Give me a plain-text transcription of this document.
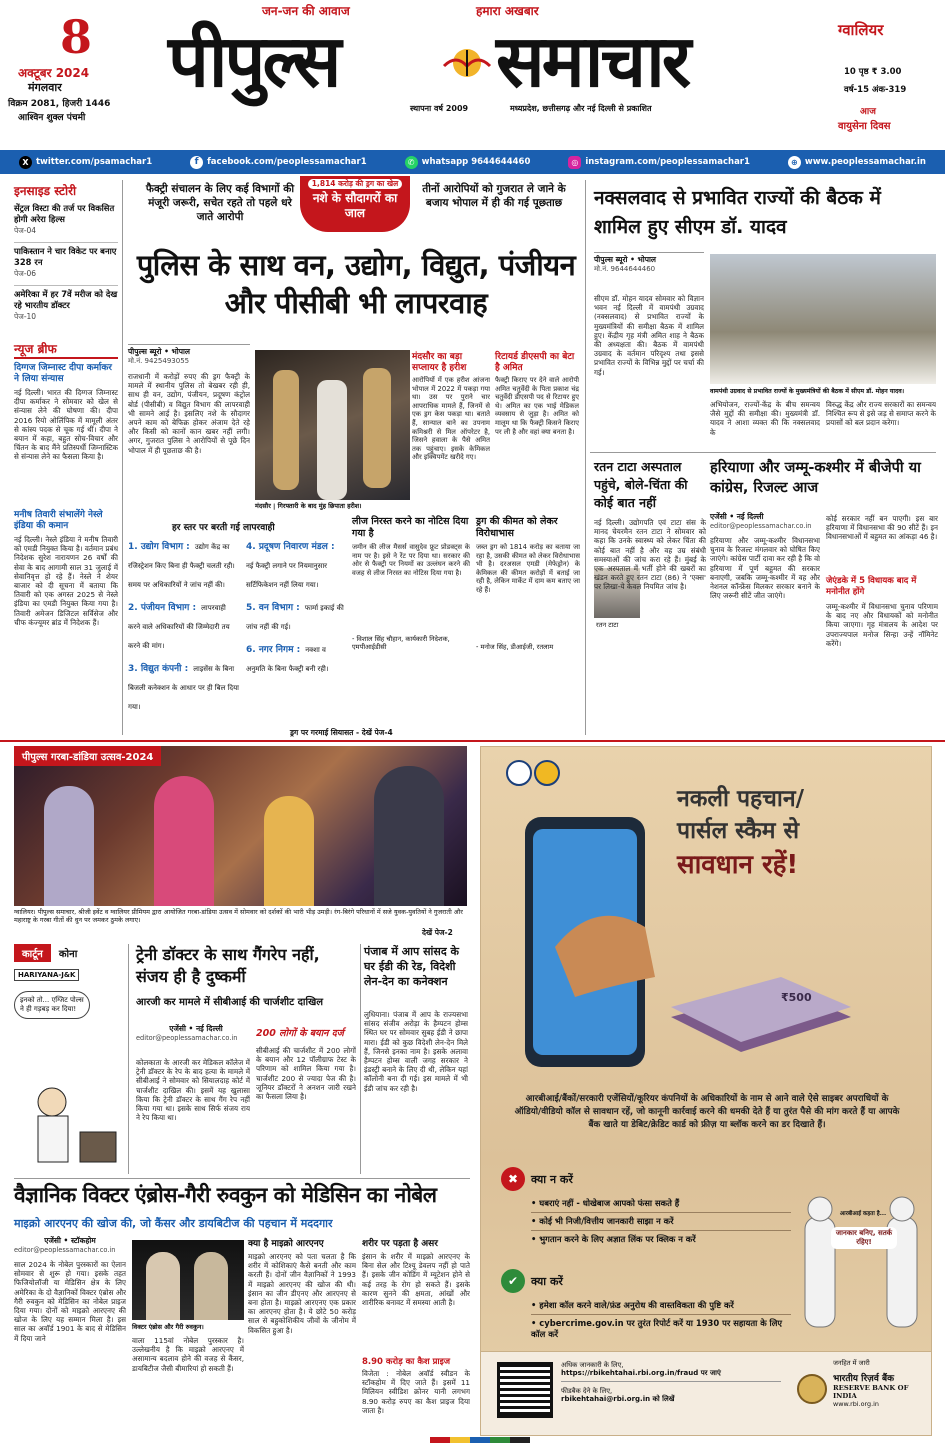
8
अक्टूबर 2024
मंगलवार
विक्रम 2081, हिजरी 1446
आश्विन शुक्ल पंचमी
जन-जन की आवाज	हमारा अखबार
पीपुल्स समाचार
स्थापना वर्ष 2009	मध्यप्रदेश, छत्तीसगढ़ और नई दिल्ली से प्रकाशित
ग्वालियर
10 पृष्ठ ₹ 3.00
वर्ष-15 अंक-319
आज
वायुसेना दिवस
X twitter.com/psamachar1	f	facebook.com/peoplessamachar1	✆ whatsapp 9644644460	◎ instagram.com/peoplessamachar1	⊕ www.peoplessamachar.in
इनसाइड स्टोरी
सेंट्रल विस्टा की तर्ज पर विकसित होगी अरेरा हिल्स
पेज-04
पाकिस्तान ने चार विकेट पर बनाए 328 रन
पेज-06
अमेरिका में हर 7वें मरीज को देख रहे भारतीय डॉक्टर
पेज-10
न्यूज ब्रीफ
दिग्गज जिम्नास्ट दीपा कर्माकर ने लिया संन्यास
नई दिल्ली। भारत की दिग्गज जिम्नास्ट दीपा कर्माकर ने सोमवार को खेल से संन्यास लेने की घोषणा की। दीपा 2016 रियो ओलिंपिक में मामूली अंतर से कांस्य पदक से चूक गई थीं। दीपा ने बयान में कहा, बहुत सोच-विचार और चिंतन के बाद मैंने प्रतिस्पर्धी जिम्नास्टिक से संन्यास लेने का फैसला किया है।
मनीष तिवारी संभालेंगे नेस्ले इंडिया की कमान
नई दिल्ली। नेस्ले इंडिया ने मनीष तिवारी को एमडी नियुक्त किया है। वर्तमान प्रबंध निदेशक सुरेश नारायणन 26 वर्षों की सेवा के बाद आगामी साल 31 जुलाई में सेवानिवृत्त हो रहे हैं। नेस्ले ने शेयर बाजार को दी सूचना में बताया कि तिवारी को एक अगस्त 2025 से नेस्ले इंडिया का एमडी नियुक्त किया गया है। तिवारी अमेजन डिजिटल सर्विसेज और चीफ कंज्यूमर ब्रांड में निदेशक हैं।
फैक्ट्री संचालन के लिए कई विभागों की मंजूरी जरूरी, सचेत रहते तो पहले धरे जाते आरोपी
1,814 करोड़ की ड्रग का खेल
नशे के सौदागरों का जाल
तीनों आरोपियों को गुजरात ले जाने के बजाय भोपाल में ही की गई पूछताछ
पुलिस के साथ वन, उद्योग, विद्युत, पंजीयन और पीसीबी भी लापरवाह
पीपुल्स ब्यूरो • भोपाल
मो.नं. 9425493055
राजधानी में करोड़ों रुपए की ड्रग फैक्ट्री के मामले में स्थानीय पुलिस तो बेखबर रही ही, साथ ही वन, उद्योग, पंजीयन, प्रदूषण कंट्रोल बोर्ड (पीसीबी) व विद्युत विभाग की लापरवाही भी सामने आई है। इसलिए नशे के सौदागर अपने काम को बेफिक्र होकर अंजाम देते रहे और किसी को कानों कान खबर नहीं लगी। अगर, गुजरात पुलिस ने आरोपियों से पूछे दिन भोपाल में ही पूछताछ की है।
मंदसौर | गिरफ्तारी के बाद मुंह छिपाता हरीश।
मंदसौर का बड़ा सप्लायर है हरीश
आरोपियों में एक हरीश आंजना भोपाल में 2022 में पकड़ा गया था। उस पर पुराने चार आपराधिक मामले हैं, जिनमें से एक ड्रग केस पकड़ा था। बताते हैं, सान्याल बाने का उपनाम कमिश्नरी से मिल ऑपरेटर है, जिसने हवाला के पैसे अमित तक पहुंचाए। इसके केमिकल और इक्विपमेंट खरीदे गए।
रिटायर्ड डीएसपी का बेटा है अमित
फैक्ट्री किराए पर देने वाले आरोपी अमित चतुर्वेदी के पिता प्रकाश चंद्र चतुर्वेदी डीएसपी पद से रिटायर हुए थे। अमित का एक भाई मेडिकल व्यवसाय से जुड़ा है। अमित को मालूम था कि फैक्ट्री किसने किराए पर ली है और वहां क्या बनता है।
हर स्तर पर बरती गई लापरवाही
1. उद्योग विभाग : उद्योग केंद्र का रजिस्ट्रेशन किए बिना ही फैक्ट्री चलती रही। समय पर अधिकारियों ने जांच नहीं की।
2. पंजीयन विभाग : लापरवाही करने वाले अधिकारियों की जिम्मेदारी तय करने की मांग।
3. विद्युत कंपनी : लाइसेंस के बिना बिजली कनेक्शन के आधार पर ही बिल दिया गया।
4. प्रदूषण निवारण मंडल : नई फैक्ट्री लगाने पर नियमानुसार सर्टिफिकेशन नहीं लिया गया।
5. वन विभाग : फार्मा इकाई की जांच नहीं की गई।
6. नगर निगम : नक्शा व अनुमति के बिना फैक्ट्री बनी रही।
लीज निरस्त करने का नोटिस दिया गया है
जमीन की लीज मैसर्स वासुदेव फ्रूट प्रोडक्ट्स के नाम पर है। इसे ने रेंट पर दिया था। सरकार की ओर से फैक्ट्री पर नियमों का उल्लंघन करने की वजह से लीज निरस्त का नोटिस दिया गया है।
- विशाल सिंह चौहान, कार्यकारी निदेशक, एमपीआईडीसी
ड्रग की कीमत को लेकर विरोधाभास
जब्त ड्रग को 1814 करोड़ का बताया जा रहा है, उसकी कीमत को लेकर विरोधाभास भी है। दरअसल एमडी (मेफेड्रोन) के केमिकल की कीमत करोड़ों में बताई जा रही है, लेकिन मार्केट में दाम कम बताए जा रहे हैं।
- मनोज सिंह, डीआईजी, रतलाम
ड्रग पर गरमाई सियासत - देखें पेज-4
नक्सलवाद से प्रभावित राज्यों की बैठक में शामिल हुए सीएम डॉ. यादव
पीपुल्स ब्यूरो • भोपाल
मो.नं. 9644644460
सीएम डॉ. मोहन यादव सोमवार को विज्ञान भवन नई दिल्ली में वामपंथी उग्रवाद (नक्सलवाद) से प्रभावित राज्यों के मुख्यमंत्रियों की समीक्षा बैठक में शामिल हुए। केंद्रीय गृह मंत्री अमित शाह ने बैठक की अध्यक्षता की। बैठक में वामपंथी उग्रवाद के वर्तमान परिदृश्य तथा इससे प्रभावित राज्यों के विभिन्न मुद्दों पर चर्चा की गई।
वामपंथी उग्रवाद से प्रभावित राज्यों के मुख्यमंत्रियों की बैठक में सीएम डॉ. मोहन यादव।
अभियोजन, राज्यों-केंद्र के बीच समन्वय जैसे मुद्दों की समीक्षा की। मुख्यमंत्री डॉ. यादव ने आशा व्यक्त की कि नक्सलवाद के
विरुद्ध केंद्र और राज्य सरकारों का समन्वय निश्चित रूप से इसे जड़ से समाप्त करने के प्रयासों को बल प्रदान करेगा।
रतन टाटा अस्पताल पहुंचे, बोले-चिंता की कोई बात नहीं
रतन टाटा
नई दिल्ली। उद्योगपति एवं टाटा संस के मानद चेयरमैन रतन टाटा ने सोमवार को कहा कि उनके स्वास्थ्य को लेकर चिंता की कोई बात नहीं है और वह उम्र संबंधी समस्याओं की जांच करा रहे हैं। मुंबई के एक अस्पताल में भर्ती होने की खबरों का खंडन करते हुए रतन टाटा (86) ने 'एक्स' पर लिखा-ये केवल नियमित जांच है।
हरियाणा और जम्मू-कश्मीर में बीजेपी या कांग्रेस, रिजल्ट आज
एजेंसी • नई दिल्ली
editor@peoplessamachar.co.in
हरियाणा और जम्मू-कश्मीर विधानसभा चुनाव के रिजल्ट मंगलवार को घोषित किए जाएंगे। कांग्रेस पार्टी दावा कर रही है कि वो हरियाणा में पूर्ण बहुमत की सरकार बनाएगी, जबकि जम्मू-कश्मीर में वह और नेशनल कॉन्फ्रेंस मिलकर सरकार बनाने के लिए जरूरी सीटें जीत जाएंगे।
कोई सरकार नहीं बन पाएगी। इस बार हरियाणा में विधानसभा की 90 सीटें हैं। इन विधानसभाओं में बहुमत का आंकड़ा 46 है।
जेएंडके में 5 विधायक बाद में मनोनीत होंगे
जम्मू-कश्मीर में विधानसभा चुनाव परिणाम के बाद नए और विधायकों को मनोनीत किया जाएगा। गृह मंत्रालय के आदेश पर उपराज्यपाल मनोज सिन्हा उन्हें नॉमिनेट करेंगे।
पीपुल्स गरबा-डांडिया उत्सव-2024
ग्वालियर। पीपुल्स समाचार, श्रीजी इवेंट व ग्वालियर प्रीमियम द्वारा आयोजित गरबा-डांडिया उत्सव में सोमवार को दर्शकों की भारी भीड़ उमड़ी। रंग-बिरंगे परिधानों में सजे युवक-युवतियों ने गुजराती और महाराष्ट्र के गरबा गीतों की धुन पर जमकर ठुमके लगाए।
देखें पेज-2
कार्टून	कोना
HARIYANA-J&K
इनको तो... एग्जिट पोल्स ने ही गड़बड़ कर दिया!
ट्रेनी डॉक्टर के साथ गैंगरेप नहीं, संजय ही है दुष्कर्मी
आरजी कर मामले में सीबीआई की चार्जशीट दाखिल
एजेंसी • नई दिल्ली
editor@peoplessamachar.co.in
कोलकाता के आरजी कर मेडिकल कॉलेज में ट्रेनी डॉक्टर के रेप के बाद हत्या के मामले में सीबीआई ने सोमवार को सियालदाह कोर्ट में चार्जशीट दाखिल की। इसमें यह खुलासा किया कि ट्रेनी डॉक्टर के साथ गैंग रेप नहीं किया गया था। इसके साथ सिर्फ संजय राय ने रेप किया था।
200 लोगों के बयान दर्ज
सीबीआई की चार्जशीट में 200 लोगों के बयान और 12 पॉलीग्राफ टेस्ट के परिणाम को शामिल किया गया है। चार्जशीट 200 से ज्यादा पेज की है। जूनियर डॉक्टरों ने अनशन जारी रखने का फैसला लिया है।
पंजाब में आप सांसद के घर ईडी की रेड, विदेशी लेन-देन का कनेक्शन
लुधियाना। पंजाब में आप के राज्यसभा सांसद संजीव अरोड़ा के हैम्पटन होम्स स्थित घर पर सोमवार सुबह ईडी ने छापा मारा। ईडी को कुछ विदेशी लेन-देन मिले हैं, जिनसे इनका नाम है। इसके अलावा हैम्पटन होम्स वाली जगह सरकार ने इंडस्ट्री बनाने के लिए दी थी, लेकिन यहां कॉलोनी बना दी गई। इस मामले में भी ईडी जांच कर रही है।
वैज्ञानिक विक्टर एंब्रोस-गैरी रुवकुन को मेडिसिन का नोबेल
माइक्रो आरएनए की खोज की, जो कैंसर और डायबिटीज की पहचान में मददगार
एजेंसी • स्टॉकहोम
editor@peoplessamachar.co.in
साल 2024 के नोबेल पुरस्कारों का ऐलान सोमवार से शुरू हो गया। इसके तहत फिजियोलॉजी या मेडिसिन क्षेत्र के लिए अमेरिका के दो वैज्ञानिकों विक्टर एंब्रोस और गैरी रुवकुन को मेडिसिन का नोबेल प्राइज दिया गया। दोनों को माइक्रो आरएनए की खोज के लिए यह सम्मान मिला है। इस साल का अवॉर्ड 1901 के बाद से मेडिसिन में दिया जाने
विक्टर एंब्रोस और गैरी रुवकुन।
वाला 115वां नोबेल पुरस्कार है। उल्लेखनीय है कि माइक्रो आरएनए में असामान्य बदलाव होने की वजह से कैंसर, डायबिटीज जैसी बीमारियां हो सकती हैं।
क्या है माइक्रो आरएनए
माइक्रो आरएनए को पता चलता है कि शरीर में कोशिकाएं कैसे बनती और काम करती हैं। दोनों जीन वैज्ञानिकों ने 1993 में माइक्रो आरएनए की खोज की थी। इंसान का जीन डीएनए और आरएनए से बना होता है। माइक्रो आरएनए एक प्रकार का आरएनए होता है। ये छोटे 50 करोड़ साल से बहुकोशिकीय जीवों के जीनोम में विकसित हुआ है।
शरीर पर पड़ता है असर
इंसान के शरीर में माइक्रो आरएनए के बिना सेल और टिश्यू डेवलप नहीं हो पाते हैं। इसके जीन कोडिंग में म्यूटेशन होने से कई तरह के रोग हो सकते हैं। इसके कारण सुनने की क्षमता, आंखों और शारीरिक बनावट में समस्या आती है।
8.90 करोड़ का कैश प्राइज
विजेता : नोबेल अवॉर्ड स्वीडन के स्टॉकहोम में दिए जाते हैं। इसमें 11 मिलियन स्वीडिश क्रोनर यानी लगभग 8.90 करोड़ रुपए का कैश प्राइज दिया जाता है।
नकली पहचान/
पार्सल स्कैम से
सावधान रहें!
₹500
आरबीआई/बैंकों/सरकारी एजेंसियों/कूरियर कंपनियों के अधिकारियों के नाम से आने वाले ऐसे साइबर अपराधियों के ऑडियो/वीडियो कॉल से सावधान रहें, जो कानूनी कार्रवाई करने की धमकी देते हैं या तुरंत पैसे की मांग करते हैं या आपके बैंक खाते या डेबिट/क्रेडिट कार्ड को फ्रीज़ या ब्लॉक करने का डर दिखाते हैं।
✖	क्या न करें
• घबराएं नहीं - धोखेबाज आपको फंसा सकते हैं
• कोई भी निजी/वित्तीय जानकारी साझा न करें
• भुगतान करने के लिए अज्ञात लिंक पर क्लिक न करें
✔	क्या करें
• हमेशा कॉल करने वाले/फ़ंड अनुरोध की वास्तविकता की पुष्टि करें
• cybercrime.gov.in पर तुरंत रिपोर्ट करें या 1930 पर सहायता के लिए कॉल करें
आरबीआई कहता है...
जानकार बनिए, सतर्क रहिए!
अधिक जानकारी के लिए,
https://rbikehtahai.rbi.org.in/fraud पर जाएं
फीडबैक देने के लिए,
rbikehtahai@rbi.org.in को लिखें
जनहित में जारी
भारतीय रिज़र्व बैंक
RESERVE BANK OF INDIA
www.rbi.org.in
